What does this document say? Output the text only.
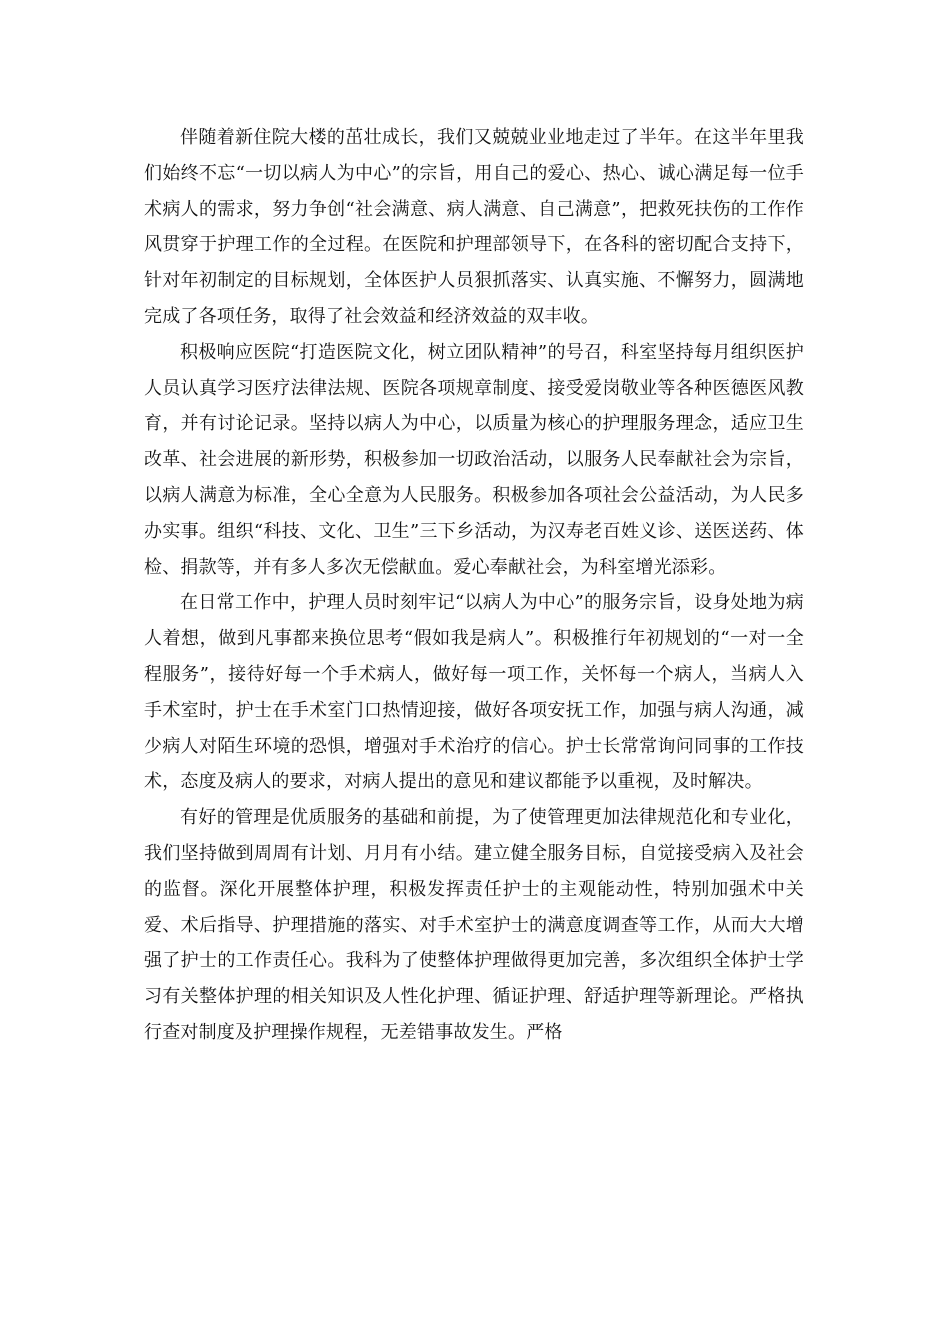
伴随着新住院大楼的茁壮成长，我们又兢兢业业地走过了半年。在这半年里我们始终不忘“一切以病人为中心”的宗旨，用自己的爱心、热心、诚心满足每一位手术病人的需求，努力争创“社会满意、病人满意、自己满意”，把救死扶伤的工作作风贯穿于护理工作的全过程。在医院和护理部领导下，在各科的密切配合支持下，针对年初制定的目标规划，全体医护人员狠抓落实、认真实施、不懈努力，圆满地完成了各项任务，取得了社会效益和经济效益的双丰收。

积极响应医院“打造医院文化，树立团队精神”的号召，科室坚持每月组织医护人员认真学习医疗法律法规、医院各项规章制度、接受爱岗敬业等各种医德医风教育，并有讨论记录。坚持以病人为中心，以质量为核心的护理服务理念，适应卫生改革、社会进展的新形势，积极参加一切政治活动，以服务人民奉献社会为宗旨，以病人满意为标准，全心全意为人民服务。积极参加各项社会公益活动，为人民多办实事。组织“科技、文化、卫生”三下乡活动，为汉寿老百姓义诊、送医送药、体检、捐款等，并有多人多次无偿献血。爱心奉献社会，为科室增光添彩。

在日常工作中，护理人员时刻牢记“以病人为中心”的服务宗旨，设身处地为病人着想，做到凡事都来换位思考“假如我是病人”。积极推行年初规划的“一对一全程服务”，接待好每一个手术病人，做好每一项工作，关怀每一个病人，当病人入手术室时，护士在手术室门口热情迎接，做好各项安抚工作，加强与病人沟通，减少病人对陌生环境的恐惧，增强对手术治疗的信心。护士长常常询问同事的工作技术，态度及病人的要求，对病人提出的意见和建议都能予以重视，及时解决。

有好的管理是优质服务的基础和前提，为了使管理更加法律规范化和专业化，我们坚持做到周周有计划、月月有小结。建立健全服务目标，自觉接受病入及社会的监督。深化开展整体护理，积极发挥责任护士的主观能动性，特别加强术中关爱、术后指导、护理措施的落实、对手术室护士的满意度调查等工作，从而大大增强了护士的工作责任心。我科为了使整体护理做得更加完善，多次组织全体护士学习有关整体护理的相关知识及人性化护理、循证护理、舒适护理等新理论。严格执行查对制度及护理操作规程，无差错事故发生。严格
